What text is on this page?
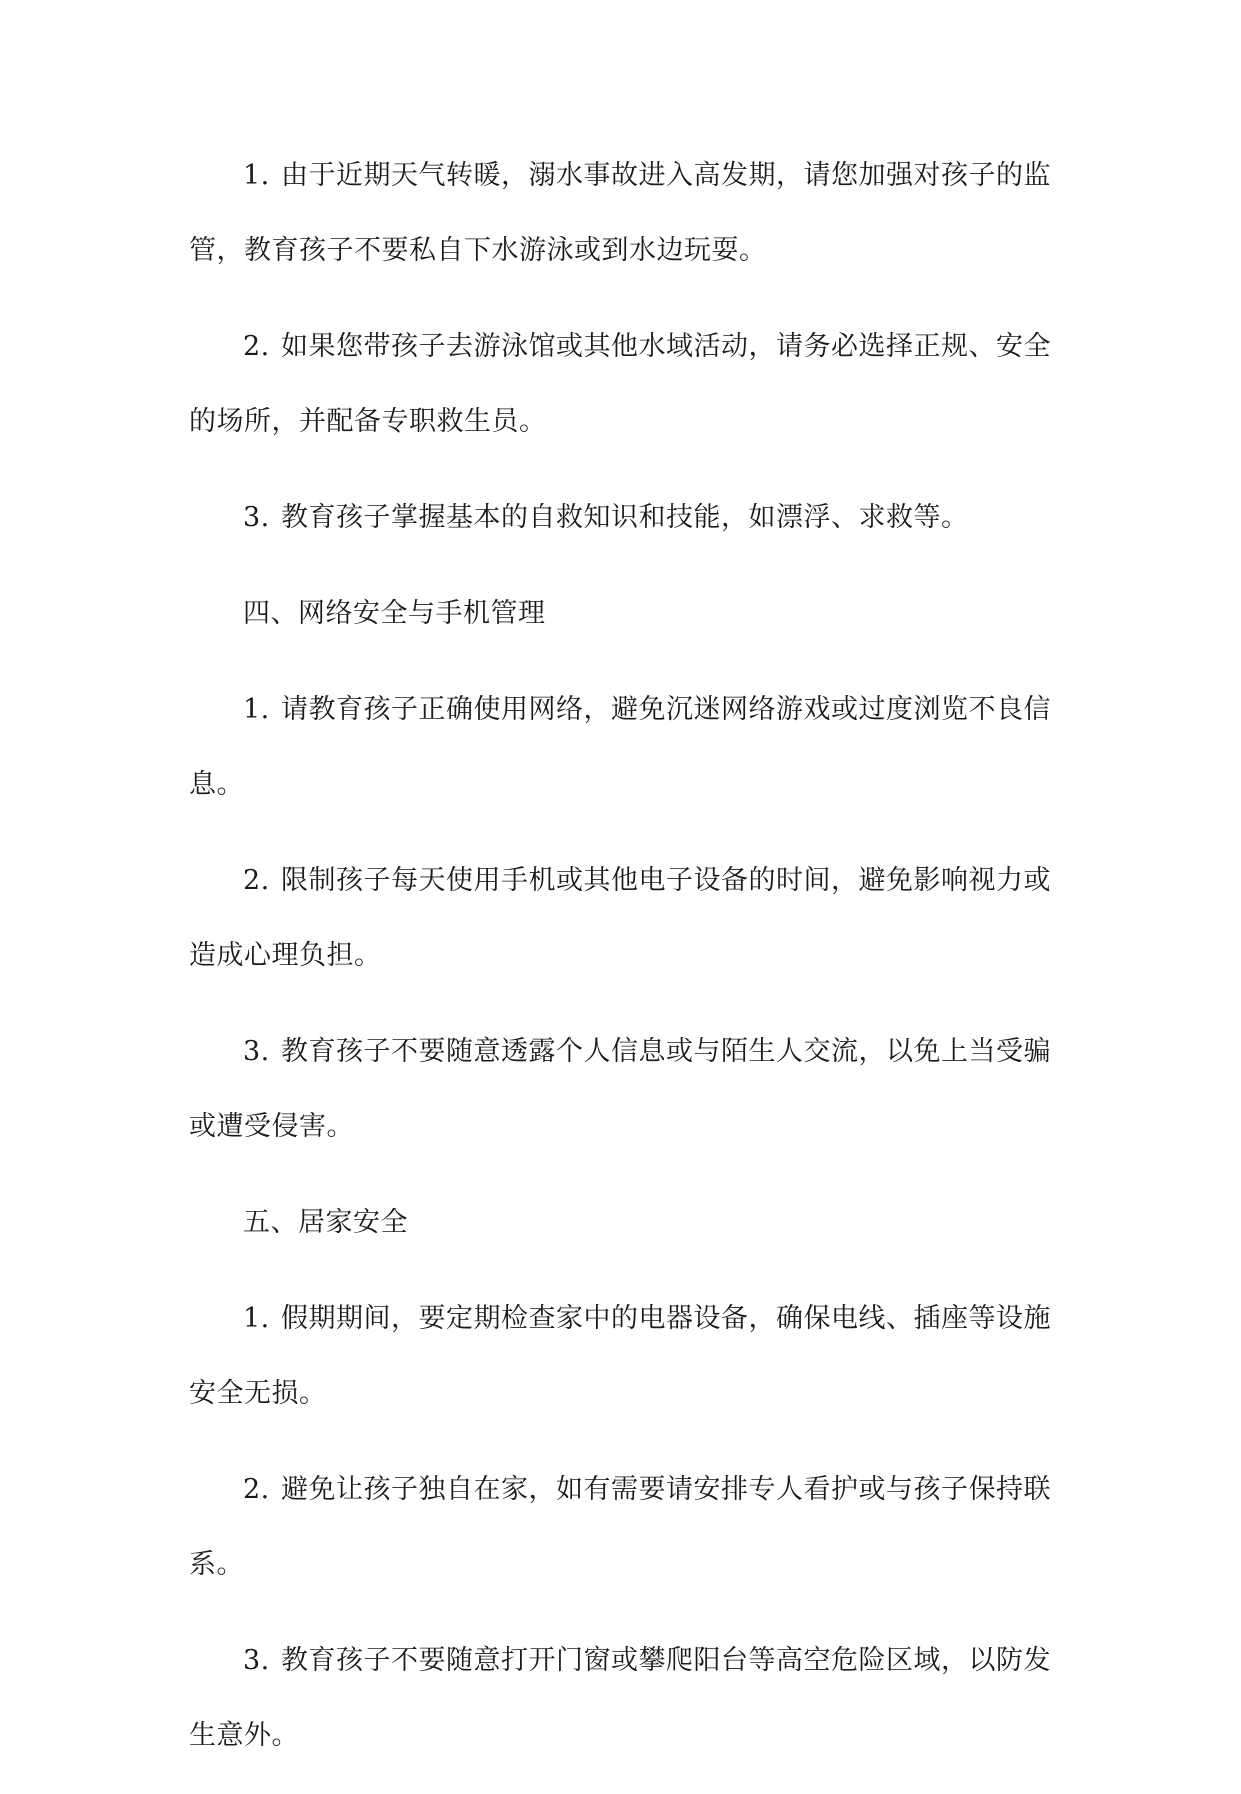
1. 由于近期天气转暖，溺水事故进入高发期，请您加强对孩子的监管，教育孩子不要私自下水游泳或到水边玩耍。

2. 如果您带孩子去游泳馆或其他水域活动，请务必选择正规、安全的场所，并配备专职救生员。

3. 教育孩子掌握基本的自救知识和技能，如漂浮、求救等。

四、网络安全与手机管理

1. 请教育孩子正确使用网络，避免沉迷网络游戏或过度浏览不良信息。

2. 限制孩子每天使用手机或其他电子设备的时间，避免影响视力或造成心理负担。

3. 教育孩子不要随意透露个人信息或与陌生人交流，以免上当受骗或遭受侵害。

五、居家安全

1. 假期期间，要定期检查家中的电器设备，确保电线、插座等设施安全无损。

2. 避免让孩子独自在家，如有需要请安排专人看护或与孩子保持联系。

3. 教育孩子不要随意打开门窗或攀爬阳台等高空危险区域，以防发生意外。
